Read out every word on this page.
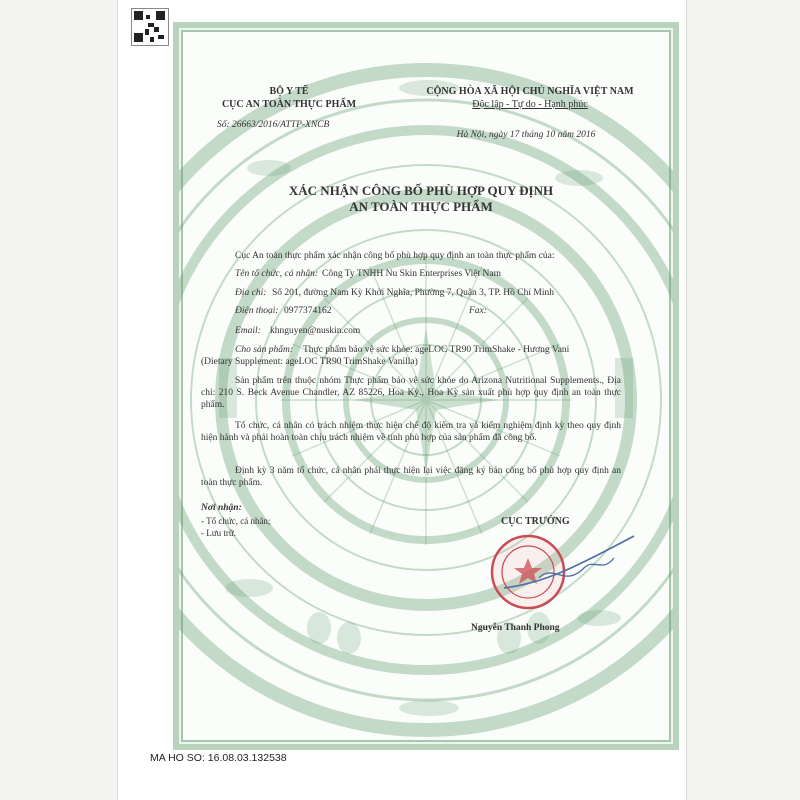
BỘ Y TẾ
CỤC AN TOÀN THỰC PHẨM
Số: 26663/2016/ATTP-XNCB
CỘNG HÒA XÃ HỘI CHỦ NGHĨA VIỆT NAM
Độc lập - Tự do - Hạnh phúc
Hà Nội, ngày 17 tháng 10 năm 2016
XÁC NHẬN CÔNG BỐ PHÙ HỢP QUY ĐỊNH
AN TOÀN THỰC PHẨM
Cục An toàn thực phẩm xác nhận công bố phù hợp quy định an toàn thực phẩm của:
Tên tổ chức, cá nhân: Công Ty TNHH Nu Skin Enterprises Việt Nam
Địa chỉ: Số 201, đường Nam Kỳ Khởi Nghĩa, Phường 7, Quận 3, TP. Hồ Chí Minh
Điện thoại: 0977374162	Fax:
Email: khnguyen@nuskin.com
Cho sản phẩm: Thực phẩm bảo vệ sức khỏe: ageLOC TR90 TrimShake - Hương Vani
(Dietary Supplement: ageLOC TR90 TrimShake Vanilla)
Sản phẩm trên thuộc nhóm Thực phẩm bảo vệ sức khỏe do Arizona Nutritional Supplements., Địa chỉ: 210 S. Beck Avenue Chandler, AZ 85226, Hoa Kỳ., Hoa Kỳ sản xuất phù hợp quy định an toàn thực phẩm.
Tổ chức, cá nhân có trách nhiệm thực hiện chế độ kiểm tra và kiểm nghiệm định kỳ theo quy định hiện hành và phải hoàn toàn chịu trách nhiệm về tính phù hợp của sản phẩm đã công bố.
Định kỳ 3 năm tổ chức, cá nhân phải thực hiện lại việc đăng ký bản công bố phù hợp quy định an toàn thực phẩm.
Nơi nhận:
- Tổ chức, cá nhân;
- Lưu trữ.
CỤC TRƯỞNG
Nguyễn Thanh Phong
MA HO SO: 16.08.03.132538
